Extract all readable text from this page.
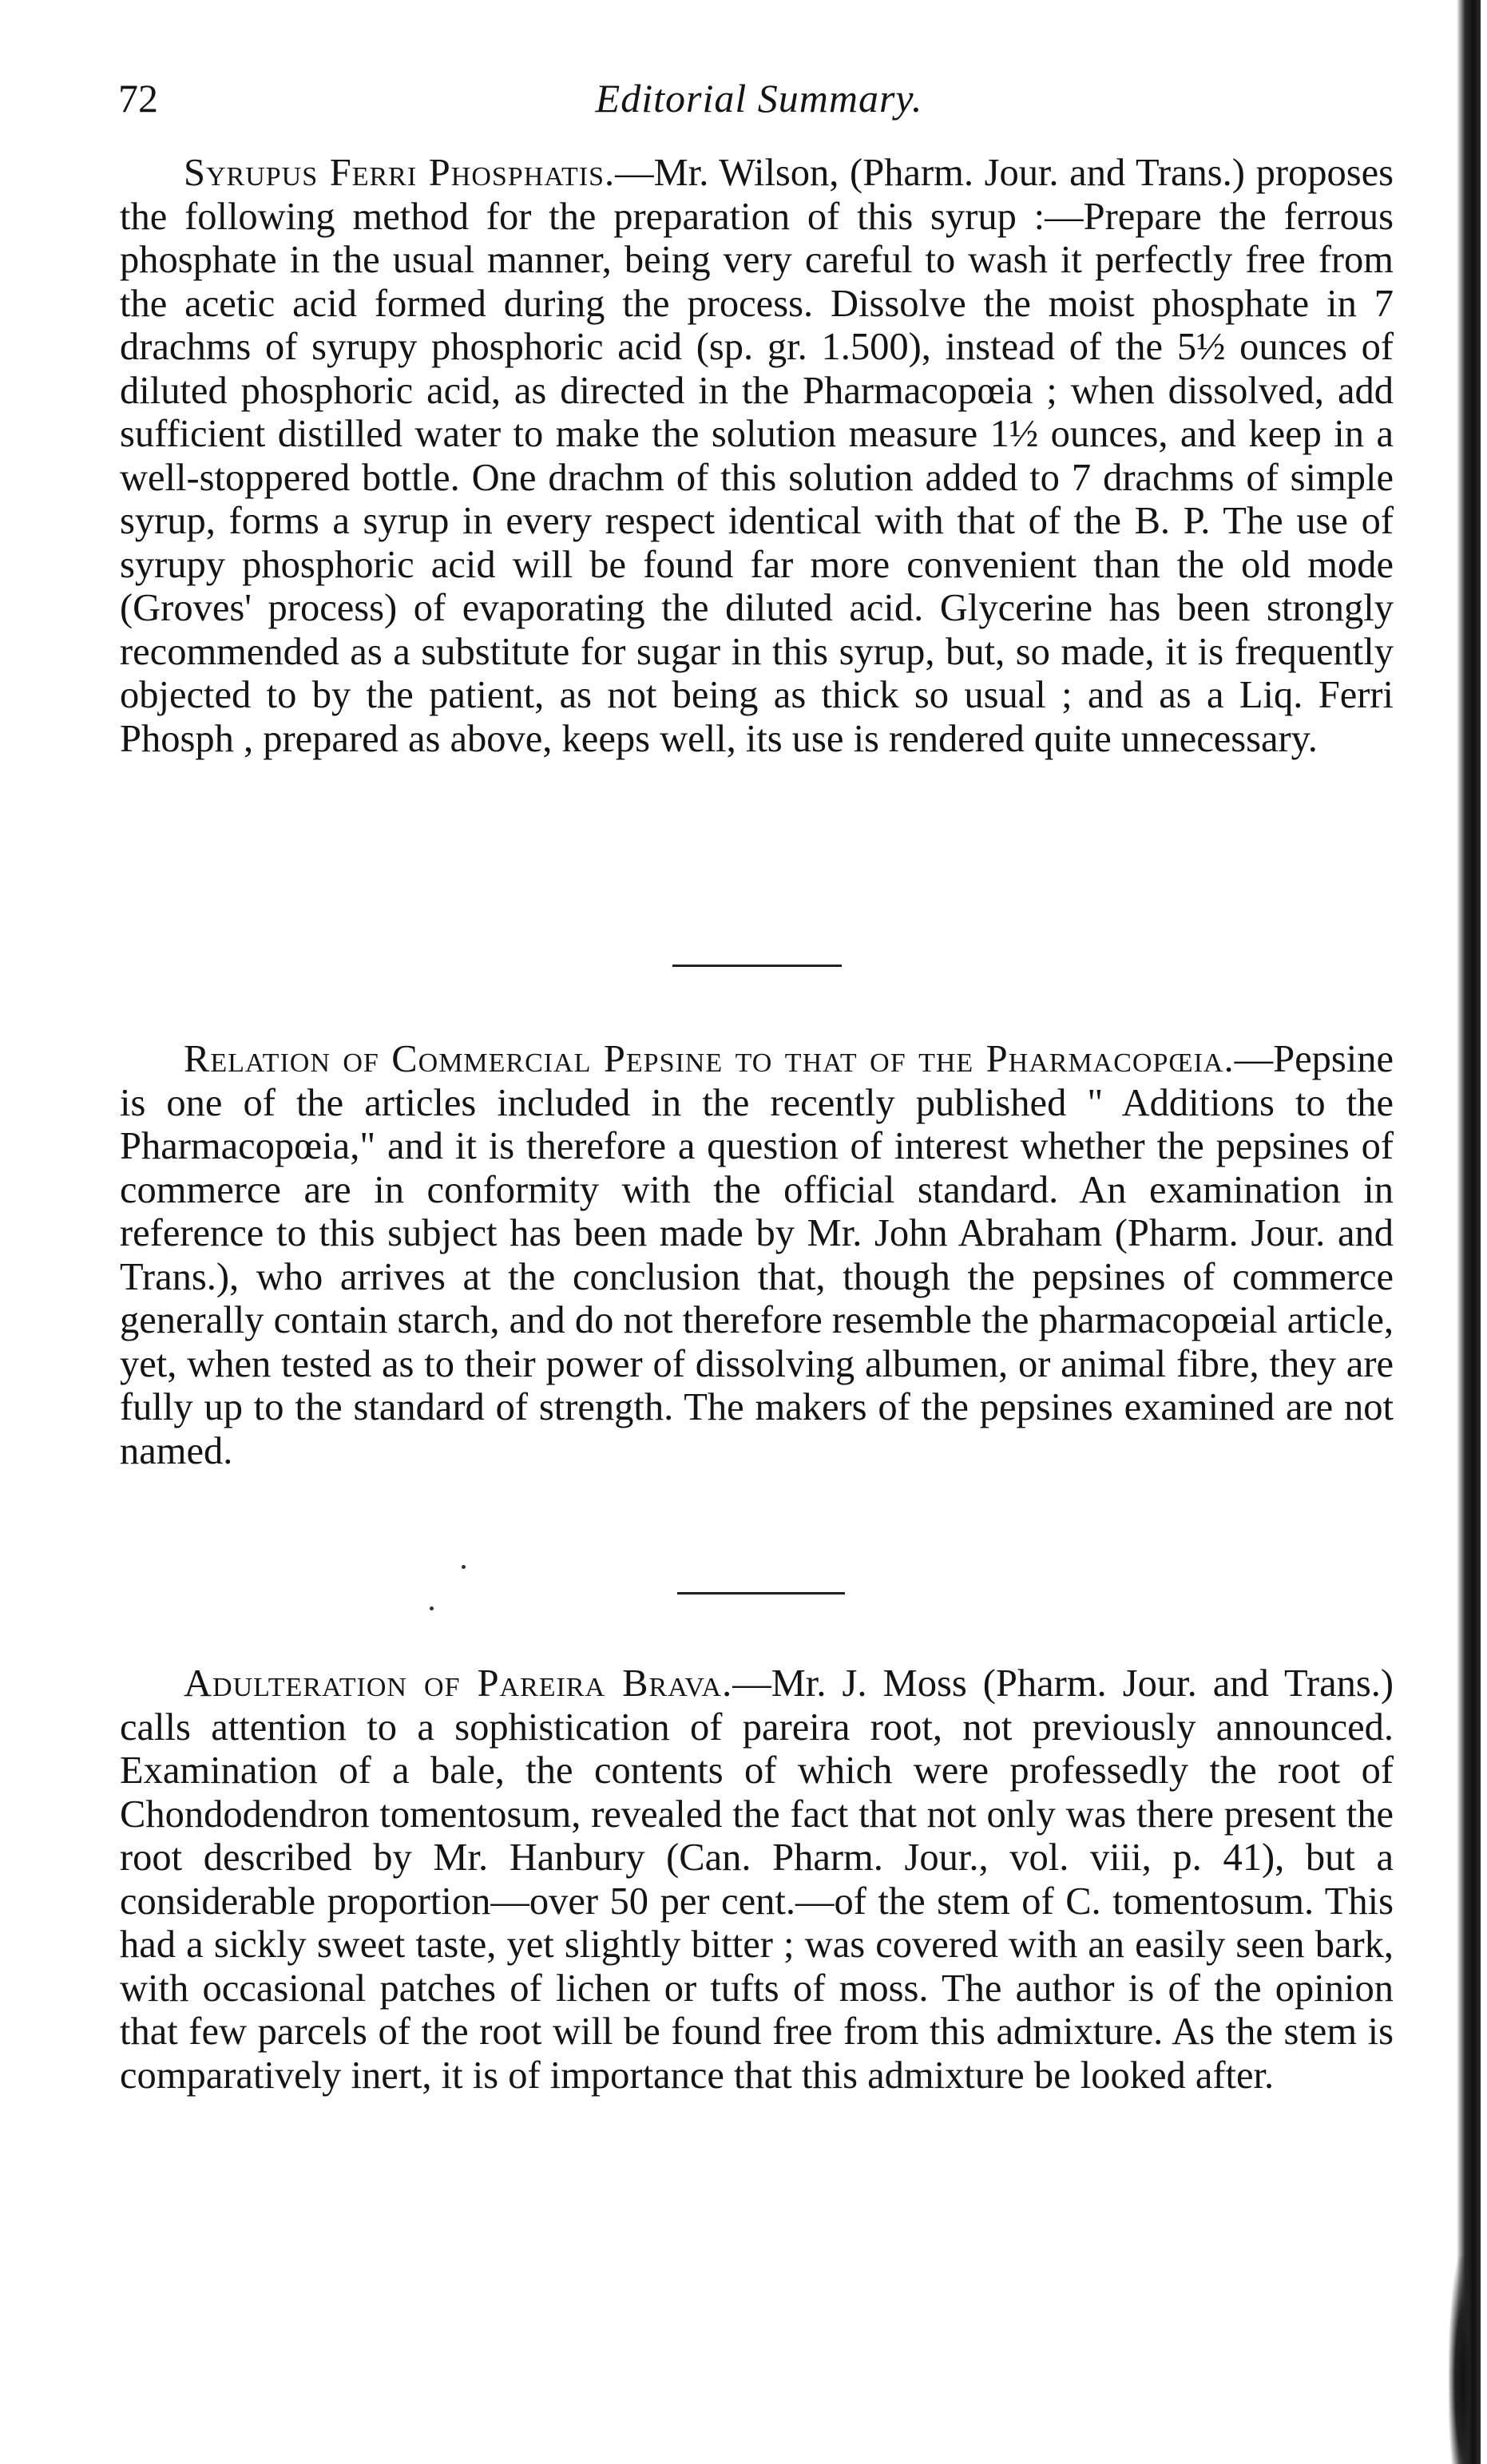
72	Editorial Summary.

Syrupus Ferri Phosphatis.—Mr. Wilson, (Pharm. Jour. and Trans.) proposes the following method for the preparation of this syrup :—Prepare the ferrous phosphate in the usual manner, being very careful to wash it perfectly free from the acetic acid formed during the process. Dissolve the moist phosphate in 7 drachms of syrupy phosphoric acid (sp. gr. 1.500), instead of the 5½ ounces of diluted phosphoric acid, as directed in the Pharmacopœia ; when dissolved, add sufficient distilled water to make the solution measure 1½ ounces, and keep in a well-stoppered bottle. One drachm of this solution added to 7 drachms of simple syrup, forms a syrup in every respect identical with that of the B. P. The use of syrupy phosphoric acid will be found far more convenient than the old mode (Groves' process) of evaporating the diluted acid. Glycerine has been strongly recommended as a substitute for sugar in this syrup, but, so made, it is frequently objected to by the patient, as not being as thick so usual ; and as a Liq. Ferri Phosph , prepared as above, keeps well, its use is rendered quite unnecessary.

Relation of Commercial Pepsine to that of the Pharmacopœia.—Pepsine is one of the articles included in the recently published " Additions to the Pharmacopœia," and it is therefore a question of interest whether the pepsines of commerce are in conformity with the official standard. An examination in reference to this subject has been made by Mr. John Abraham (Pharm. Jour. and Trans.), who arrives at the conclusion that, though the pepsines of commerce generally contain starch, and do not therefore resemble the pharmacopœial article, yet, when tested as to their power of dissolving albumen, or animal fibre, they are fully up to the standard of strength. The makers of the pepsines examined are not named.

Adulteration of Pareira Brava.—Mr. J. Moss (Pharm. Jour. and Trans.) calls attention to a sophistication of pareira root, not previously announced. Examination of a bale, the contents of which were professedly the root of Chondodendron tomentosum, revealed the fact that not only was there present the root described by Mr. Hanbury (Can. Pharm. Jour., vol. viii, p. 41), but a considerable proportion—over 50 per cent.—of the stem of C. tomentosum. This had a sickly sweet taste, yet slightly bitter ; was covered with an easily seen bark, with occasional patches of lichen or tufts of moss. The author is of the opinion that few parcels of the root will be found free from this admixture. As the stem is comparatively inert, it is of importance that this admixture be looked after.
